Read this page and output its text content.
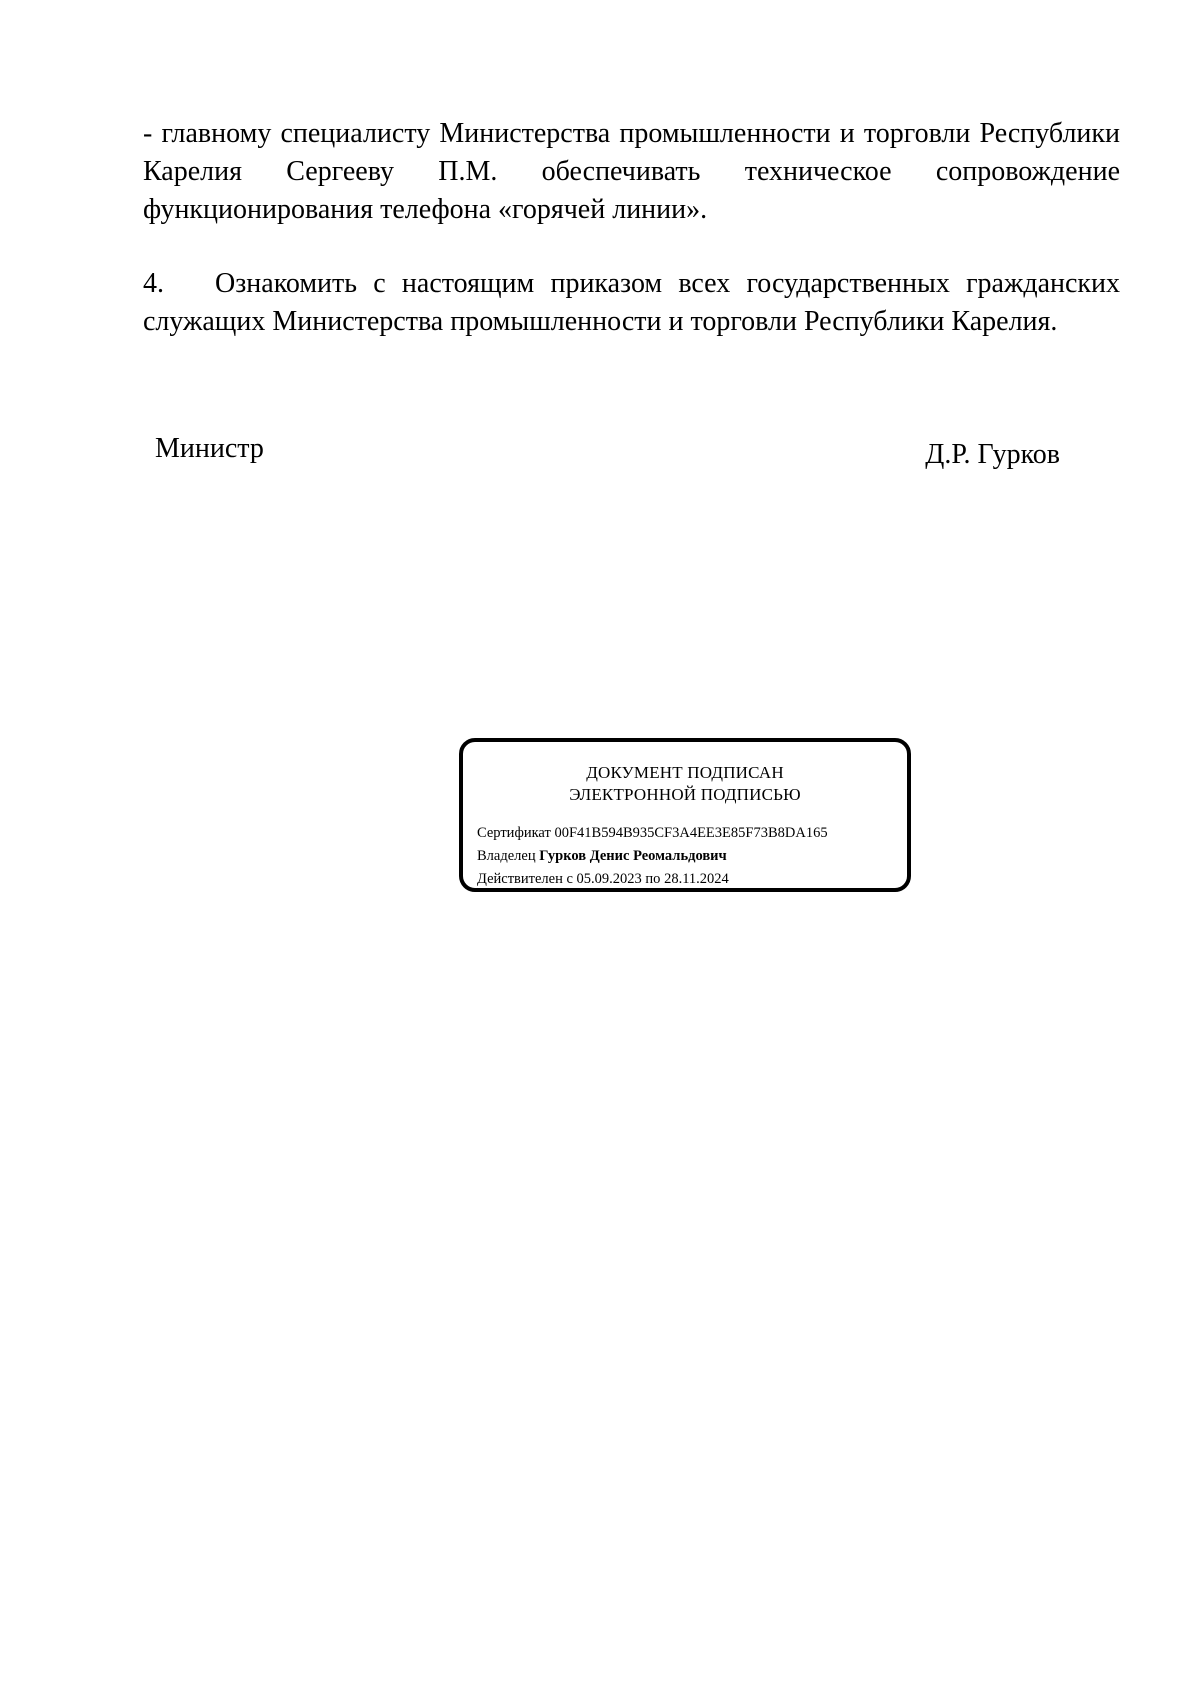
- главному специалисту Министерства промышленности и торговли Республики Карелия Сергееву П.М. обеспечивать техническое сопровождение функционирования телефона «горячей линии».
4. Ознакомить с настоящим приказом всех государственных гражданских служащих Министерства промышленности и торговли Республики Карелия.
Министр	Д.Р. Гурков
ДОКУМЕНТ ПОДПИСАН
ЭЛЕКТРОННОЙ ПОДПИСЬЮ
Сертификат 00F41B594B935CF3A4EE3E85F73B8DA165
Владелец Гурков Денис Реомальдович
Действителен с 05.09.2023 по 28.11.2024
